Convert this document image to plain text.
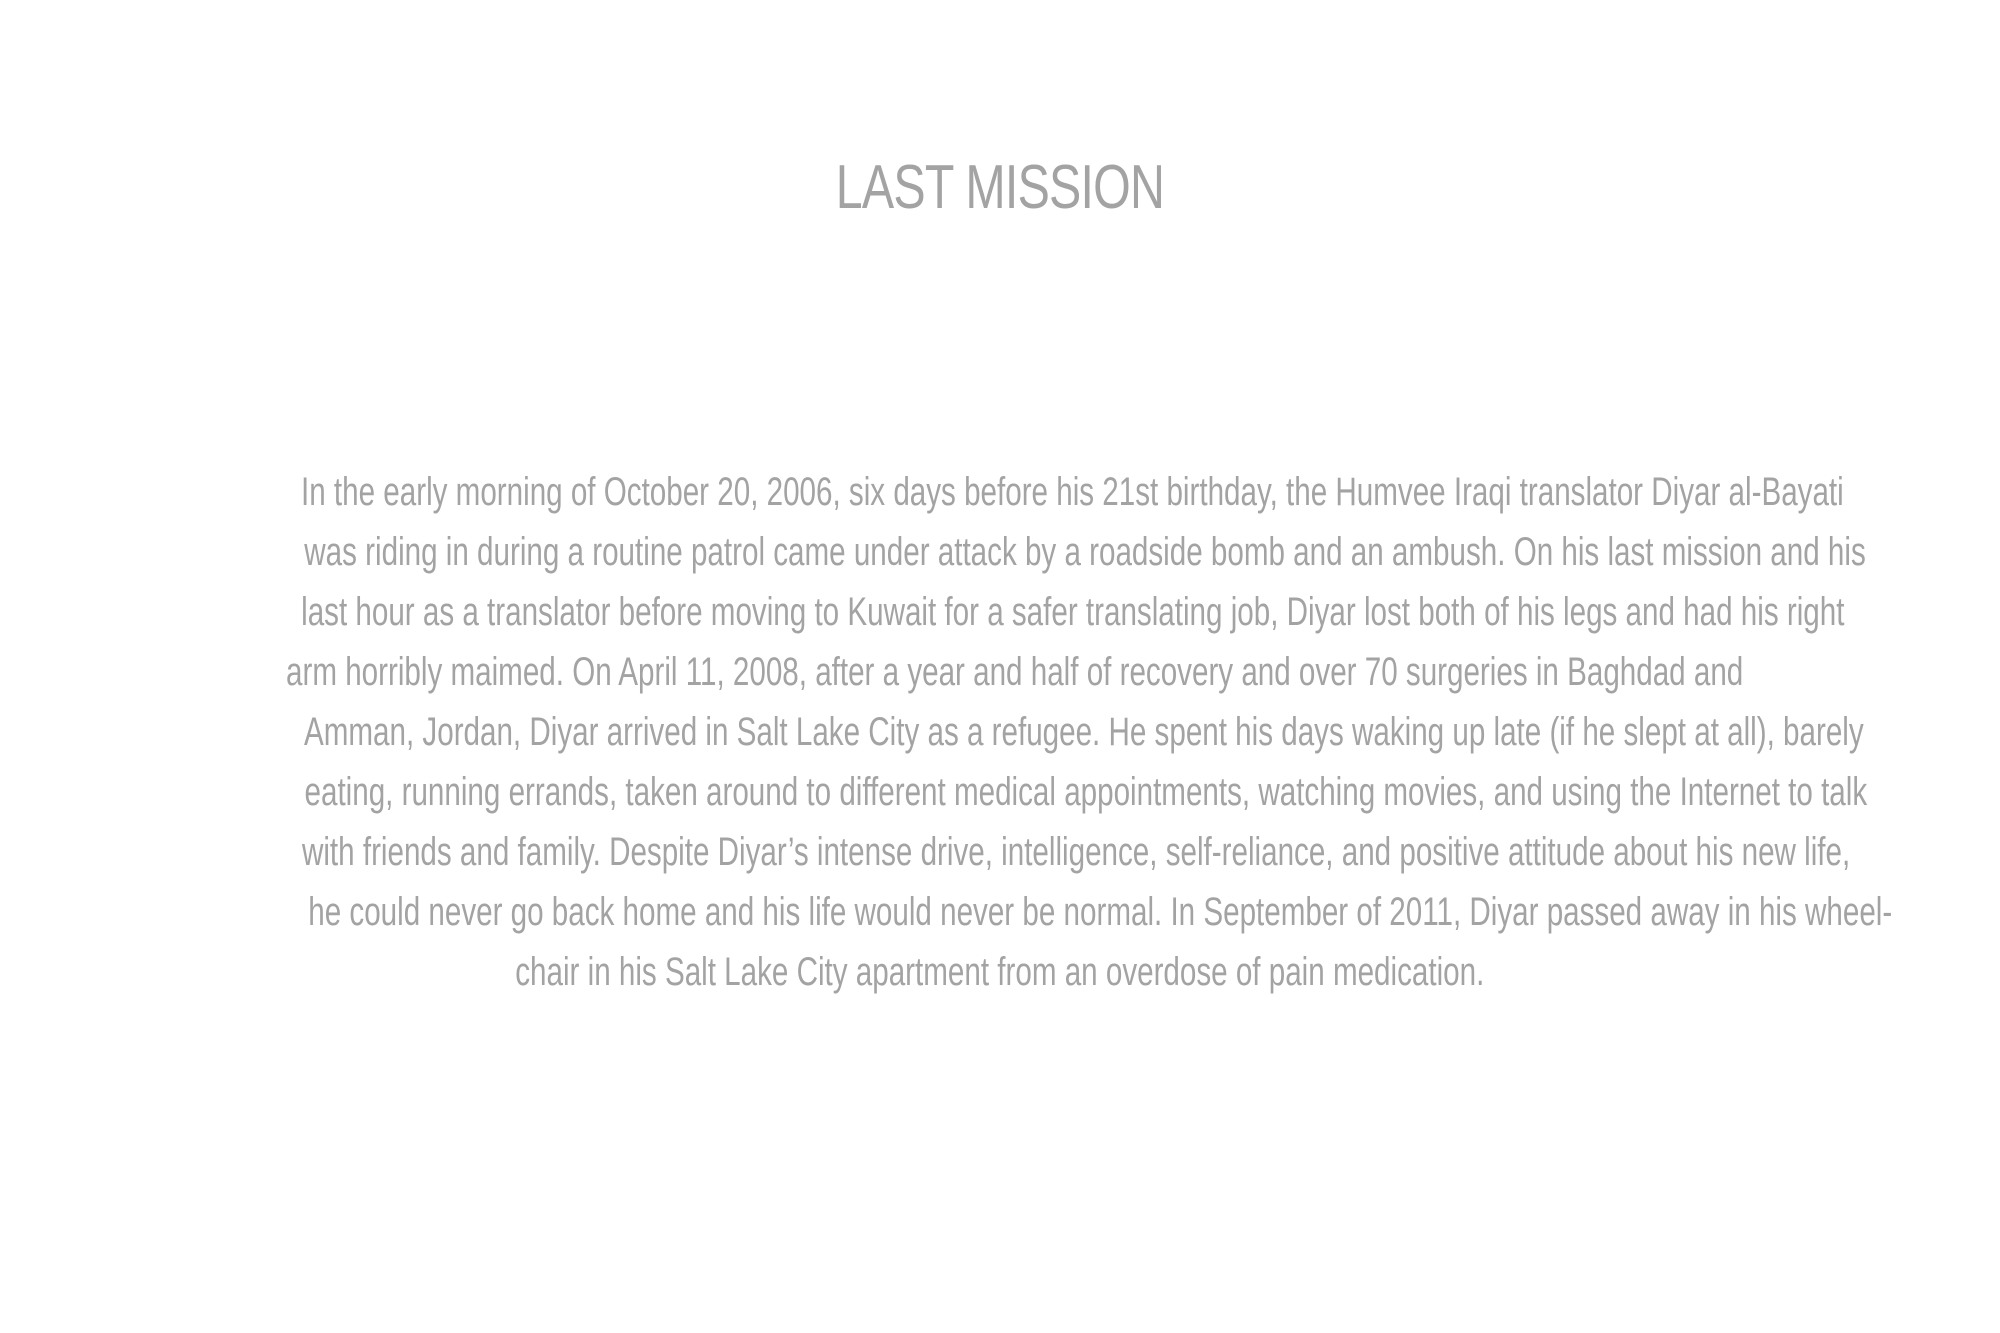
LAST MISSION

In the early morning of October 20, 2006, six days before his 21st birthday, the Humvee Iraqi translator Diyar al-Bayati
was riding in during a routine patrol came under attack by a roadside bomb and an ambush. On his last mission and his
last hour as a translator before moving to Kuwait for a safer translating job, Diyar lost both of his legs and had his right
arm horribly maimed. On April 11, 2008, after a year and half of recovery and over 70 surgeries in Baghdad and
Amman, Jordan, Diyar arrived in Salt Lake City as a refugee. He spent his days waking up late (if he slept at all), barely
eating, running errands, taken around to different medical appointments, watching movies, and using the Internet to talk
with friends and family. Despite Diyar’s intense drive, intelligence, self-reliance, and positive attitude about his new life,
he could never go back home and his life would never be normal. In September of 2011, Diyar passed away in his wheel-
chair in his Salt Lake City apartment from an overdose of pain medication.
